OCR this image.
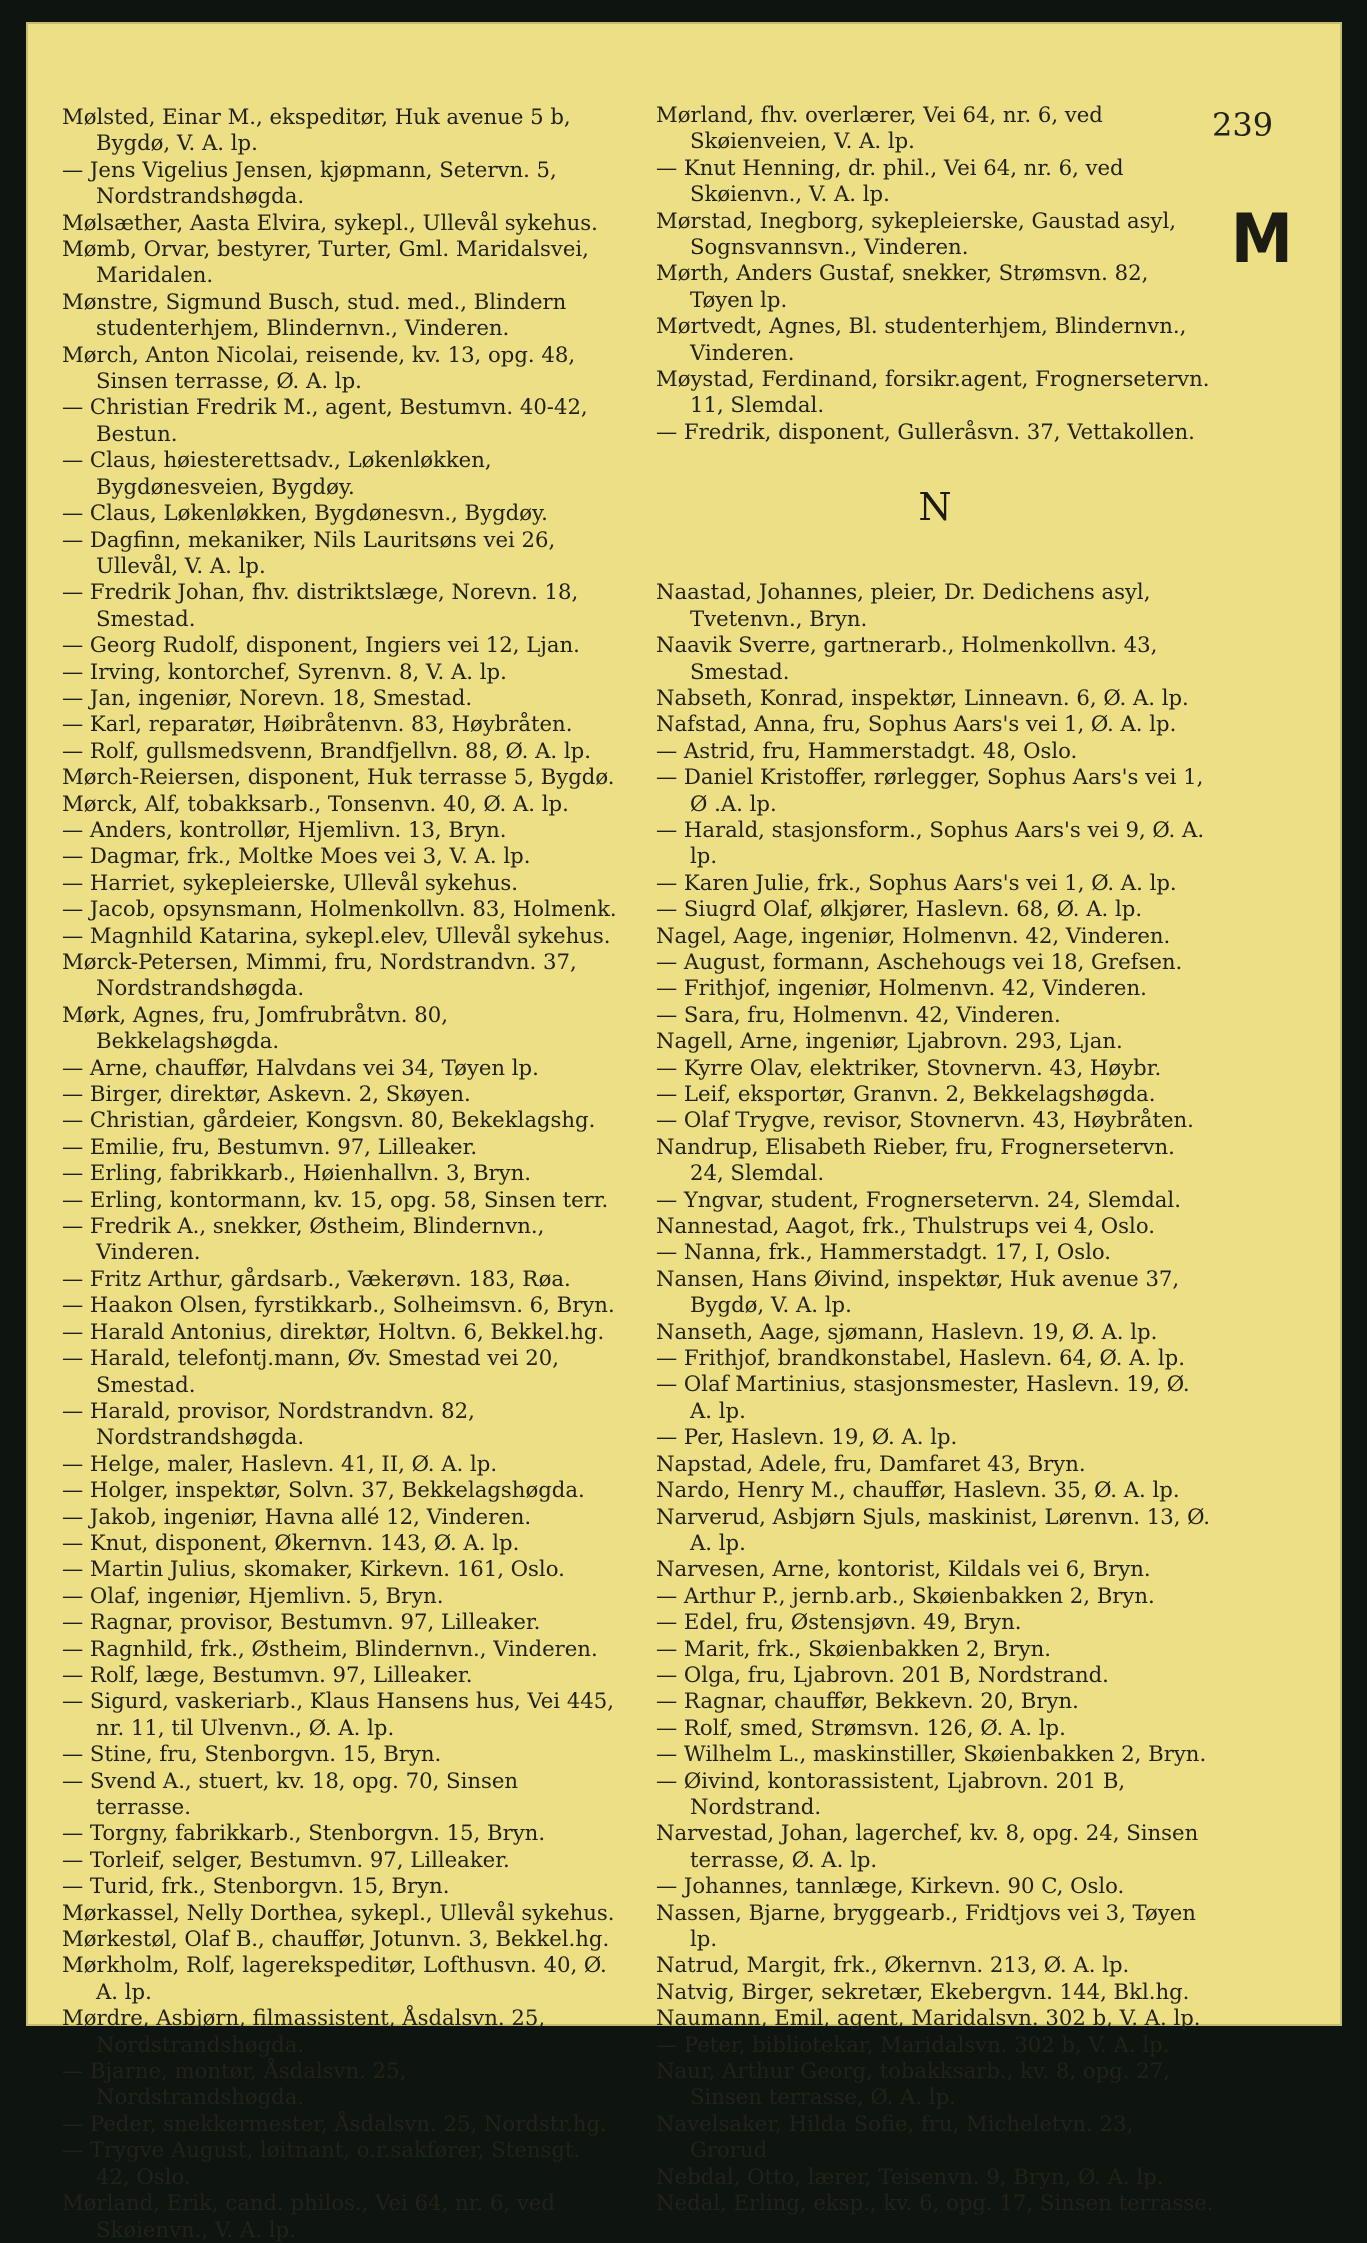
239
M
Mølsted, Einar M., ekspeditør, Huk avenue 5 b, Bygdø, V. A. lp.
— Jens Vigelius Jensen, kjøpmann, Setervn. 5, Nordstrandshøgda.
Mølsæther, Aasta Elvira, sykepl., Ullevål sykehus.
Mømb, Orvar, bestyrer, Turter, Gml. Maridalsvei, Maridalen.
Mønstre, Sigmund Busch, stud. med., Blindern studenterhjem, Blindernvn., Vinderen.
Mørch, Anton Nicolai, reisende, kv. 13, opg. 48, Sinsen terrasse, Ø. A. lp.
— Christian Fredrik M., agent, Bestumvn. 40-42, Bestun.
— Claus, høiesterettsadv., Løkenløkken, Bygdønesveien, Bygdøy.
— Claus, Løkenløkken, Bygdønesvn., Bygdøy.
— Dagfinn, mekaniker, Nils Lauritsøns vei 26, Ullevål, V. A. lp.
— Fredrik Johan, fhv. distriktslæge, Norevn. 18, Smestad.
— Georg Rudolf, disponent, Ingiers vei 12, Ljan.
— Irving, kontorchef, Syrenvn. 8, V. A. lp.
— Jan, ingeniør, Norevn. 18, Smestad.
— Karl, reparatør, Høibråtenvn. 83, Høybråten.
— Rolf, gullsmedsvenn, Brandfjellvn. 88, Ø. A. lp.
Mørch-Reiersen, disponent, Huk terrasse 5, Bygdø.
Mørck, Alf, tobakksarb., Tonsenvn. 40, Ø. A. lp.
— Anders, kontrollør, Hjemlivn. 13, Bryn.
— Dagmar, frk., Moltke Moes vei 3, V. A. lp.
— Harriet, sykepleierske, Ullevål sykehus.
— Jacob, opsynsmann, Holmenkollvn. 83, Holmenk.
— Magnhild Katarina, sykepl.elev, Ullevål sykehus.
Mørck-Petersen, Mimmi, fru, Nordstrandvn. 37, Nordstrandshøgda.
Mørk, Agnes, fru, Jomfrubråtvn. 80, Bekkelagshøgda.
— Arne, chauffør, Halvdans vei 34, Tøyen lp.
— Birger, direktør, Askevn. 2, Skøyen.
— Christian, gårdeier, Kongsvn. 80, Bekeklagshg.
— Emilie, fru, Bestumvn. 97, Lilleaker.
— Erling, fabrikkarb., Høienhallvn. 3, Bryn.
— Erling, kontormann, kv. 15, opg. 58, Sinsen terr.
— Fredrik A., snekker, Østheim, Blindernvn., Vinderen.
— Fritz Arthur, gårdsarb., Vækerøvn. 183, Røa.
— Haakon Olsen, fyrstikkarb., Solheimsvn. 6, Bryn.
— Harald Antonius, direktør, Holtvn. 6, Bekkel.hg.
— Harald, telefontj.mann, Øv. Smestad vei 20, Smestad.
— Harald, provisor, Nordstrandvn. 82, Nordstrandshøgda.
— Helge, maler, Haslevn. 41, II, Ø. A. lp.
— Holger, inspektør, Solvn. 37, Bekkelagshøgda.
— Jakob, ingeniør, Havna allé 12, Vinderen.
— Knut, disponent, Økernvn. 143, Ø. A. lp.
— Martin Julius, skomaker, Kirkevn. 161, Oslo.
— Olaf, ingeniør, Hjemlivn. 5, Bryn.
— Ragnar, provisor, Bestumvn. 97, Lilleaker.
— Ragnhild, frk., Østheim, Blindernvn., Vinderen.
— Rolf, læge, Bestumvn. 97, Lilleaker.
— Sigurd, vaskeriarb., Klaus Hansens hus, Vei 445, nr. 11, til Ulvenvn., Ø. A. lp.
— Stine, fru, Stenborgvn. 15, Bryn.
— Svend A., stuert, kv. 18, opg. 70, Sinsen terrasse.
— Torgny, fabrikkarb., Stenborgvn. 15, Bryn.
— Torleif, selger, Bestumvn. 97, Lilleaker.
— Turid, frk., Stenborgvn. 15, Bryn.
Mørkassel, Nelly Dorthea, sykepl., Ullevål sykehus.
Mørkestøl, Olaf B., chauffør, Jotunvn. 3, Bekkel.hg.
Mørkholm, Rolf, lagerekspeditør, Lofthusvn. 40, Ø. A. lp.
Mørdre, Asbjørn, filmassistent, Åsdalsvn. 25, Nordstrandshøgda.
— Bjarne, montør, Åsdalsvn. 25, Nordstrandshøgda.
— Peder, snekkermester, Åsdalsvn. 25, Nordstr.hg.
— Trygve August, løitnant, o.r.sakfører, Stensgt. 42, Oslo.
Mørland, Erik, cand. philos., Vei 64, nr. 6, ved Skøienvn., V. A. lp.
Mørland, fhv. overlærer, Vei 64, nr. 6, ved Skøienveien, V. A. lp.
— Knut Henning, dr. phil., Vei 64, nr. 6, ved Skøienvn., V. A. lp.
Mørstad, Inegborg, sykepleierske, Gaustad asyl, Sognsvannsvn., Vinderen.
Mørth, Anders Gustaf, snekker, Strømsvn. 82, Tøyen lp.
Mørtvedt, Agnes, Bl. studenterhjem, Blindernvn., Vinderen.
Møystad, Ferdinand, forsikr.agent, Frognersetervn. 11, Slemdal.
— Fredrik, disponent, Gulleråsvn. 37, Vettakollen.
N
Naastad, Johannes, pleier, Dr. Dedichens asyl, Tvetenvn., Bryn.
Naavik Sverre, gartnerarb., Holmenkollvn. 43, Smestad.
Nabseth, Konrad, inspektør, Linneavn. 6, Ø. A. lp.
Nafstad, Anna, fru, Sophus Aars's vei 1, Ø. A. lp.
— Astrid, fru, Hammerstadgt. 48, Oslo.
— Daniel Kristoffer, rørlegger, Sophus Aars's vei 1, Ø .A. lp.
— Harald, stasjonsform., Sophus Aars's vei 9, Ø. A. lp.
— Karen Julie, frk., Sophus Aars's vei 1, Ø. A. lp.
— Siugrd Olaf, ølkjører, Haslevn. 68, Ø. A. lp.
Nagel, Aage, ingeniør, Holmenvn. 42, Vinderen.
— August, formann, Aschehougs vei 18, Grefsen.
— Frithjof, ingeniør, Holmenvn. 42, Vinderen.
— Sara, fru, Holmenvn. 42, Vinderen.
Nagell, Arne, ingeniør, Ljabrovn. 293, Ljan.
— Kyrre Olav, elektriker, Stovnervn. 43, Høybr.
— Leif, eksportør, Granvn. 2, Bekkelagshøgda.
— Olaf Trygve, revisor, Stovnervn. 43, Høybråten.
Nandrup, Elisabeth Rieber, fru, Frognersetervn. 24, Slemdal.
— Yngvar, student, Frognersetervn. 24, Slemdal.
Nannestad, Aagot, frk., Thulstrups vei 4, Oslo.
— Nanna, frk., Hammerstadgt. 17, I, Oslo.
Nansen, Hans Øivind, inspektør, Huk avenue 37, Bygdø, V. A. lp.
Nanseth, Aage, sjømann, Haslevn. 19, Ø. A. lp.
— Frithjof, brandkonstabel, Haslevn. 64, Ø. A. lp.
— Olaf Martinius, stasjonsmester, Haslevn. 19, Ø. A. lp.
— Per, Haslevn. 19, Ø. A. lp.
Napstad, Adele, fru, Damfaret 43, Bryn.
Nardo, Henry M., chauffør, Haslevn. 35, Ø. A. lp.
Narverud, Asbjørn Sjuls, maskinist, Lørenvn. 13, Ø. A. lp.
Narvesen, Arne, kontorist, Kildals vei 6, Bryn.
— Arthur P., jernb.arb., Skøienbakken 2, Bryn.
— Edel, fru, Østensjøvn. 49, Bryn.
— Marit, frk., Skøienbakken 2, Bryn.
— Olga, fru, Ljabrovn. 201 B, Nordstrand.
— Ragnar, chauffør, Bekkevn. 20, Bryn.
— Rolf, smed, Strømsvn. 126, Ø. A. lp.
— Wilhelm L., maskinstiller, Skøienbakken 2, Bryn.
— Øivind, kontorassistent, Ljabrovn. 201 B, Nordstrand.
Narvestad, Johan, lagerchef, kv. 8, opg. 24, Sinsen terrasse, Ø. A. lp.
— Johannes, tannlæge, Kirkevn. 90 C, Oslo.
Nassen, Bjarne, bryggearb., Fridtjovs vei 3, Tøyen lp.
Natrud, Margit, frk., Økernvn. 213, Ø. A. lp.
Natvig, Birger, sekretær, Ekebergvn. 144, Bkl.hg.
Naumann, Emil, agent, Maridalsvn. 302 b, V. A. lp.
— Peter, bibliotekar, Maridalsvn. 302 b, V. A. lp.
Naur, Arthur Georg, tobakksarb., kv. 8, opg. 27, Sinsen terrasse, Ø. A. lp.
Navelsaker, Hilda Sofie, fru, Micheletvn. 23, Grorud
Nebdal, Otto, lærer, Teisenvn. 9, Bryn, Ø. A. lp.
Nedal, Erling, eksp., kv. 6, opg. 17, Sinsen terrasse.
